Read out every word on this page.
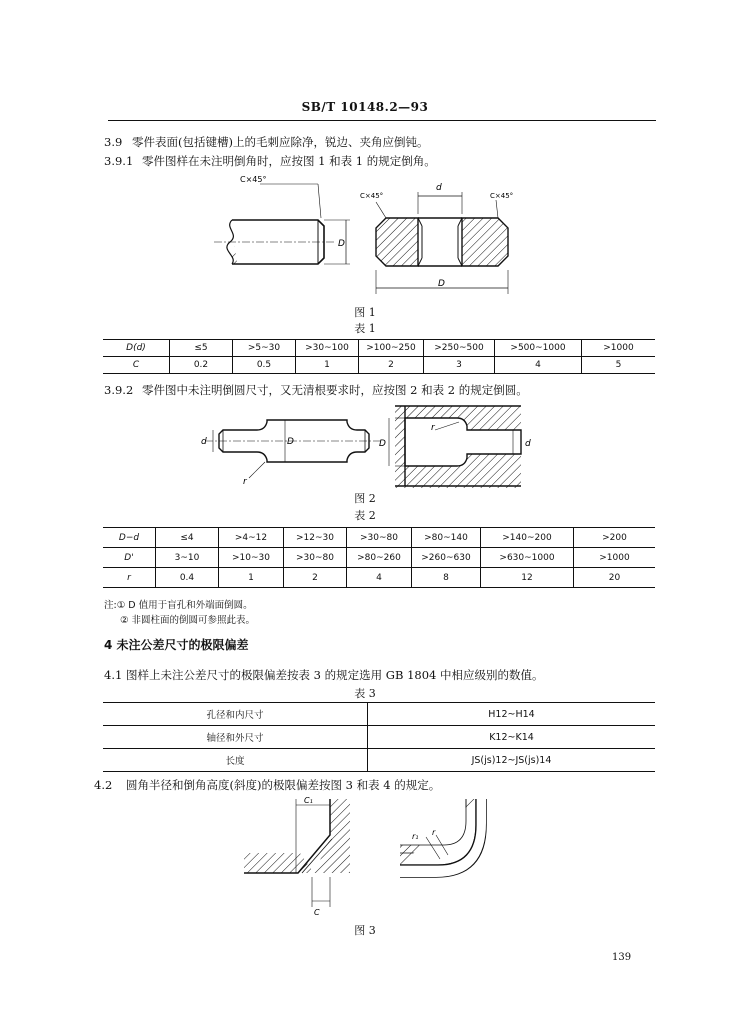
SB/T 10148.2—93
3.9 零件表面(包括键槽)上的毛刺应除净，锐边、夹角应倒钝。
3.9.1 零件图样在未注明倒角时，应按图 1 和表 1 的规定倒角。
C×45°
D
d
C×45°	C×45°
D
图 1
表 1
D(d)	≤5	>5~30	>30~100	>100~250	>250~500	>500~1000	>1000
C	0.2	0.5	1	2	3	4	5
3.9.2 零件图中未注明倒圆尺寸，又无清根要求时，应按图 2 和表 2 的规定倒圆。
d	D
r
D	d
r
图 2
表 2
D−d	≤4	>4~12	>12~30	>30~80	>80~140	>140~200	>200
D'	3~10	>10~30	>30~80	>80~260	>260~630	>630~1000	>1000
r	0.4	1	2	4	8	12	20
注:① D 值用于盲孔和外端面倒圆。
② 非圆柱面的倒圆可参照此表。
4 未注公差尺寸的极限偏差
4.1 图样上未注公差尺寸的极限偏差按表 3 的规定选用 GB 1804 中相应级别的数值。
表 3
孔径和内尺寸	H12~H14
轴径和外尺寸	K12~K14
长度	JS(js)12~JS(js)14
4.2 圆角半径和倒角高度(斜度)的极限偏差按图 3 和表 4 的规定。
C₁
C
r₁ r
图 3
139
